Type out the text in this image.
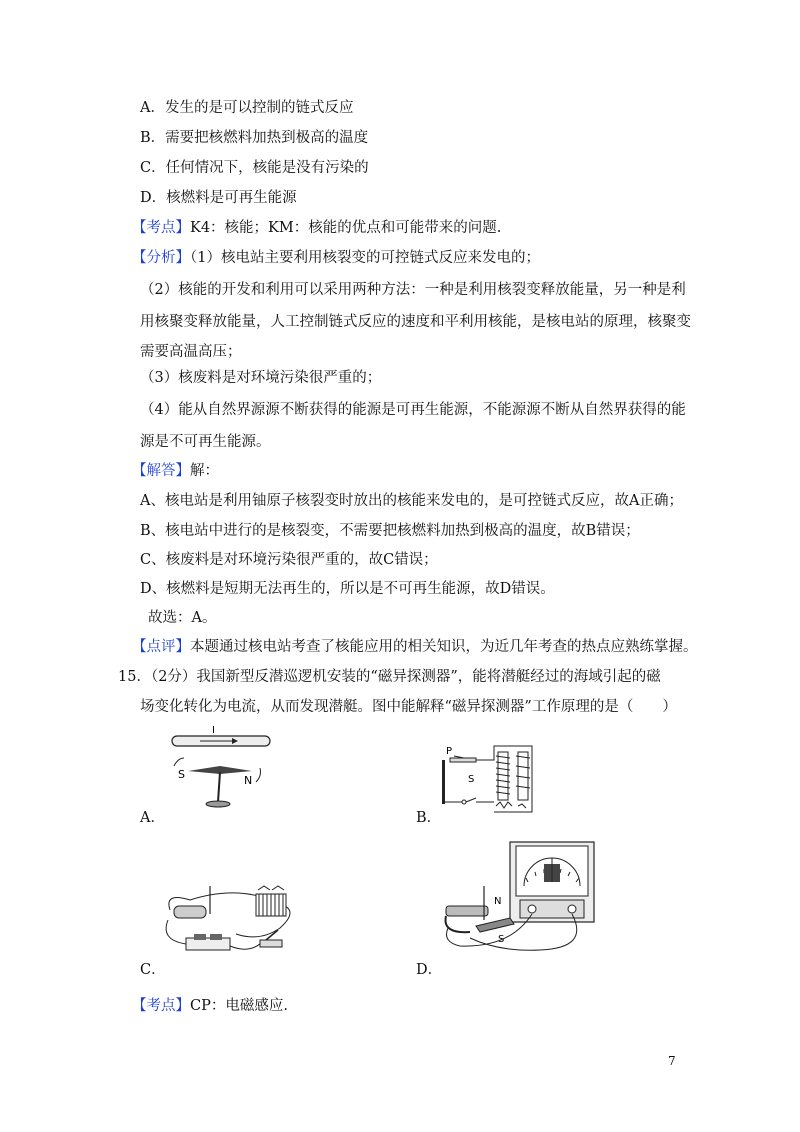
A．发生的是可以控制的链式反应
B．需要把核燃料加热到极高的温度
C．任何情况下，核能是没有污染的
D．核燃料是可再生能源
【考点】K4：核能；KM：核能的优点和可能带来的问题.
【分析】（1）核电站主要利用核裂变的可控链式反应来发电的；
（2）核能的开发和利用可以采用两种方法：一种是利用核裂变释放能量，另一种是利
用核聚变释放能量，人工控制链式反应的速度和平利用核能，是核电站的原理，核聚变
需要高温高压；
（3）核废料是对环境污染很严重的；
（4）能从自然界源源不断获得的能源是可再生能源，不能源源不断从自然界获得的能
源是不可再生能源。
【解答】解：
A、核电站是利用铀原子核裂变时放出的核能来发电的，是可控链式反应，故A正确；
B、核电站中进行的是核裂变，不需要把核燃料加热到极高的温度，故B错误；
C、核废料是对环境污染很严重的，故C错误；
D、核燃料是短期无法再生的，所以是不可再生能源，故D错误。
故选：A。
【点评】本题通过核电站考查了核能应用的相关知识，为近几年考查的热点应熟练掌握。
15．（2分）我国新型反潜巡逻机安装的“磁异探测器”，能将潜艇经过的海域引起的磁
场变化转化为电流，从而发现潜艇。图中能解释“磁异探测器”工作原理的是（　　）
I
S	N
A．
P
S
B．
C．
N
S
D．
【考点】CP：电磁感应.
7
